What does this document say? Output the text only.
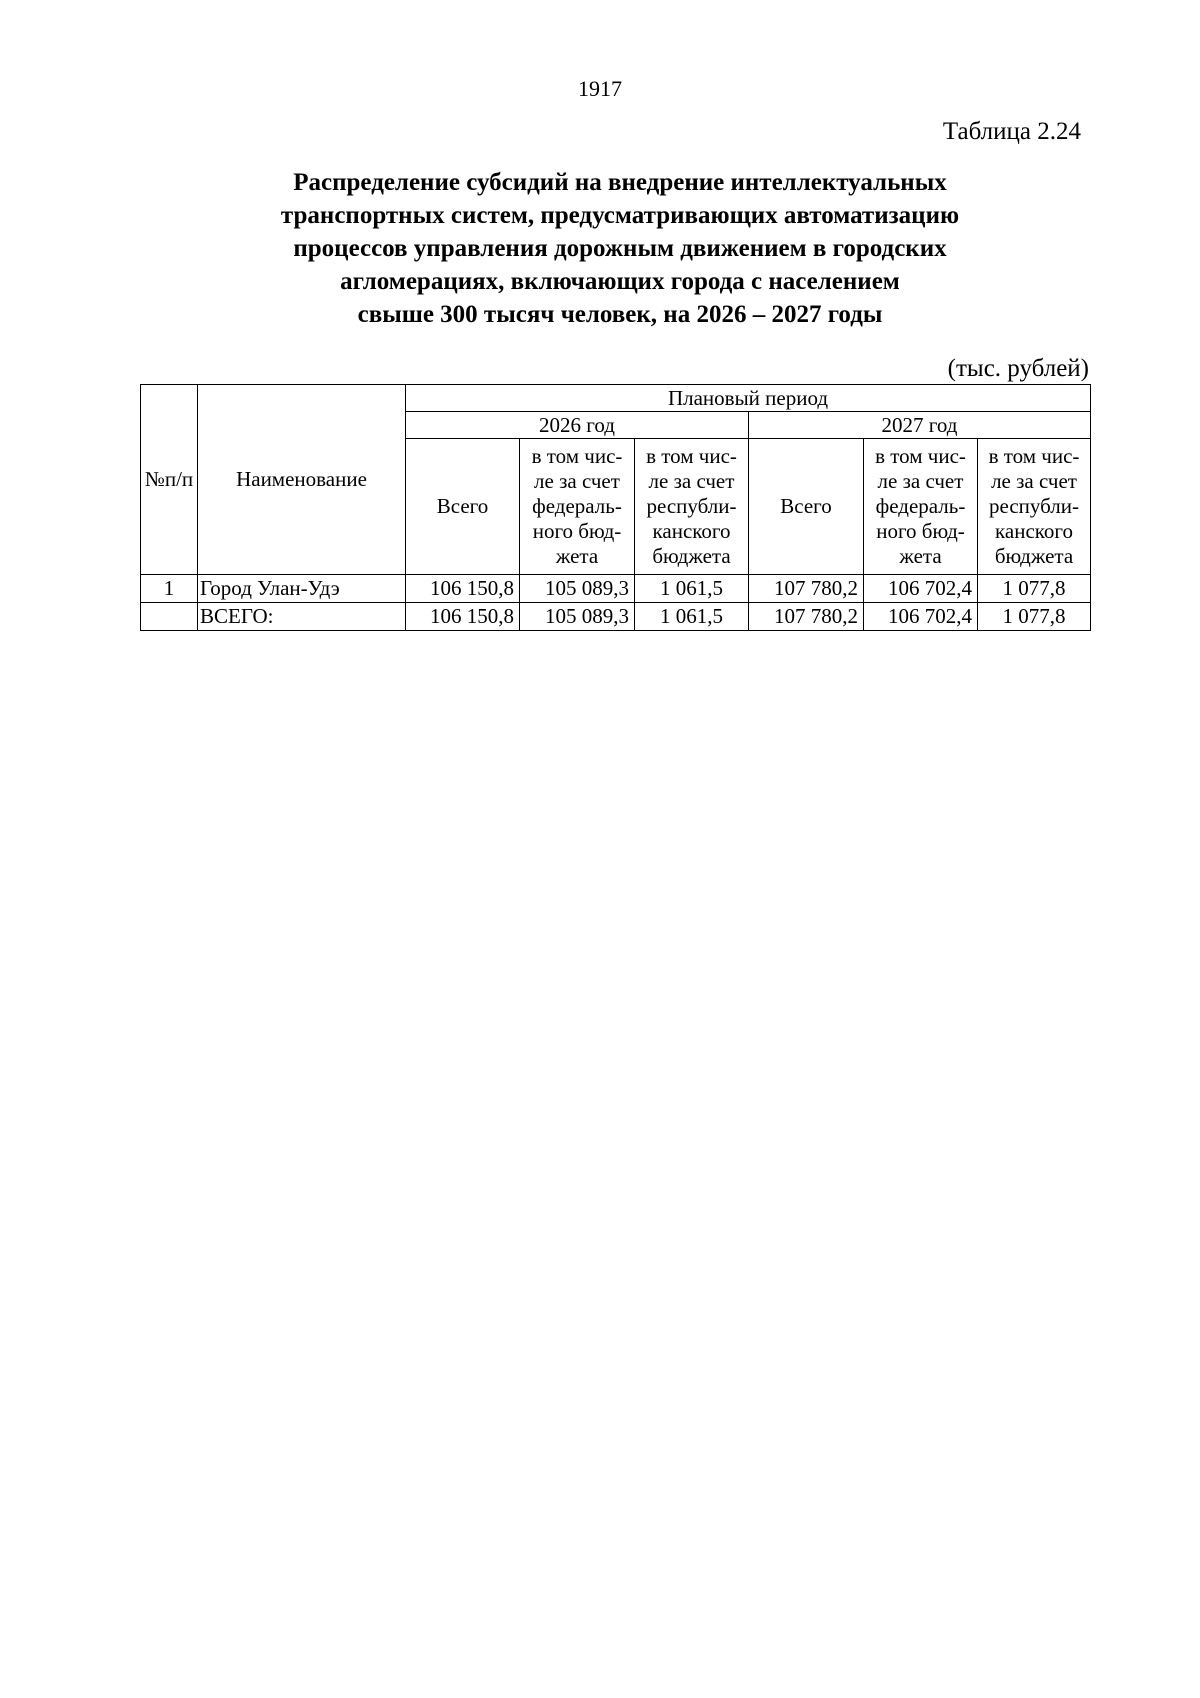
1917
Таблица 2.24
Распределение субсидий на внедрение интеллектуальных
транспортных систем, предусматривающих автоматизацию
процессов управления дорожным движением в городских
агломерациях, включающих города с населением
свыше 300 тысяч человек, на 2026 – 2027 годы
(тыс. рублей)
№п/п	Наименование	Плановый период					
		2026 год			2027 год		
		Всего	в том чис-
ле за счет
федераль-
ного бюд-
жета	в том чис-
ле за счет
республи-
канского
бюджета	Всего	в том чис-
ле за счет
федераль-
ного бюд-
жета	в том чис-
ле за счет
республи-
канского
бюджета

1	Город Улан-Удэ	106 150,8	105 089,3	1 061,5	107 780,2	106 702,4	1 077,8
	ВСЕГО:	106 150,8	105 089,3	1 061,5	107 780,2	106 702,4	1 077,8
